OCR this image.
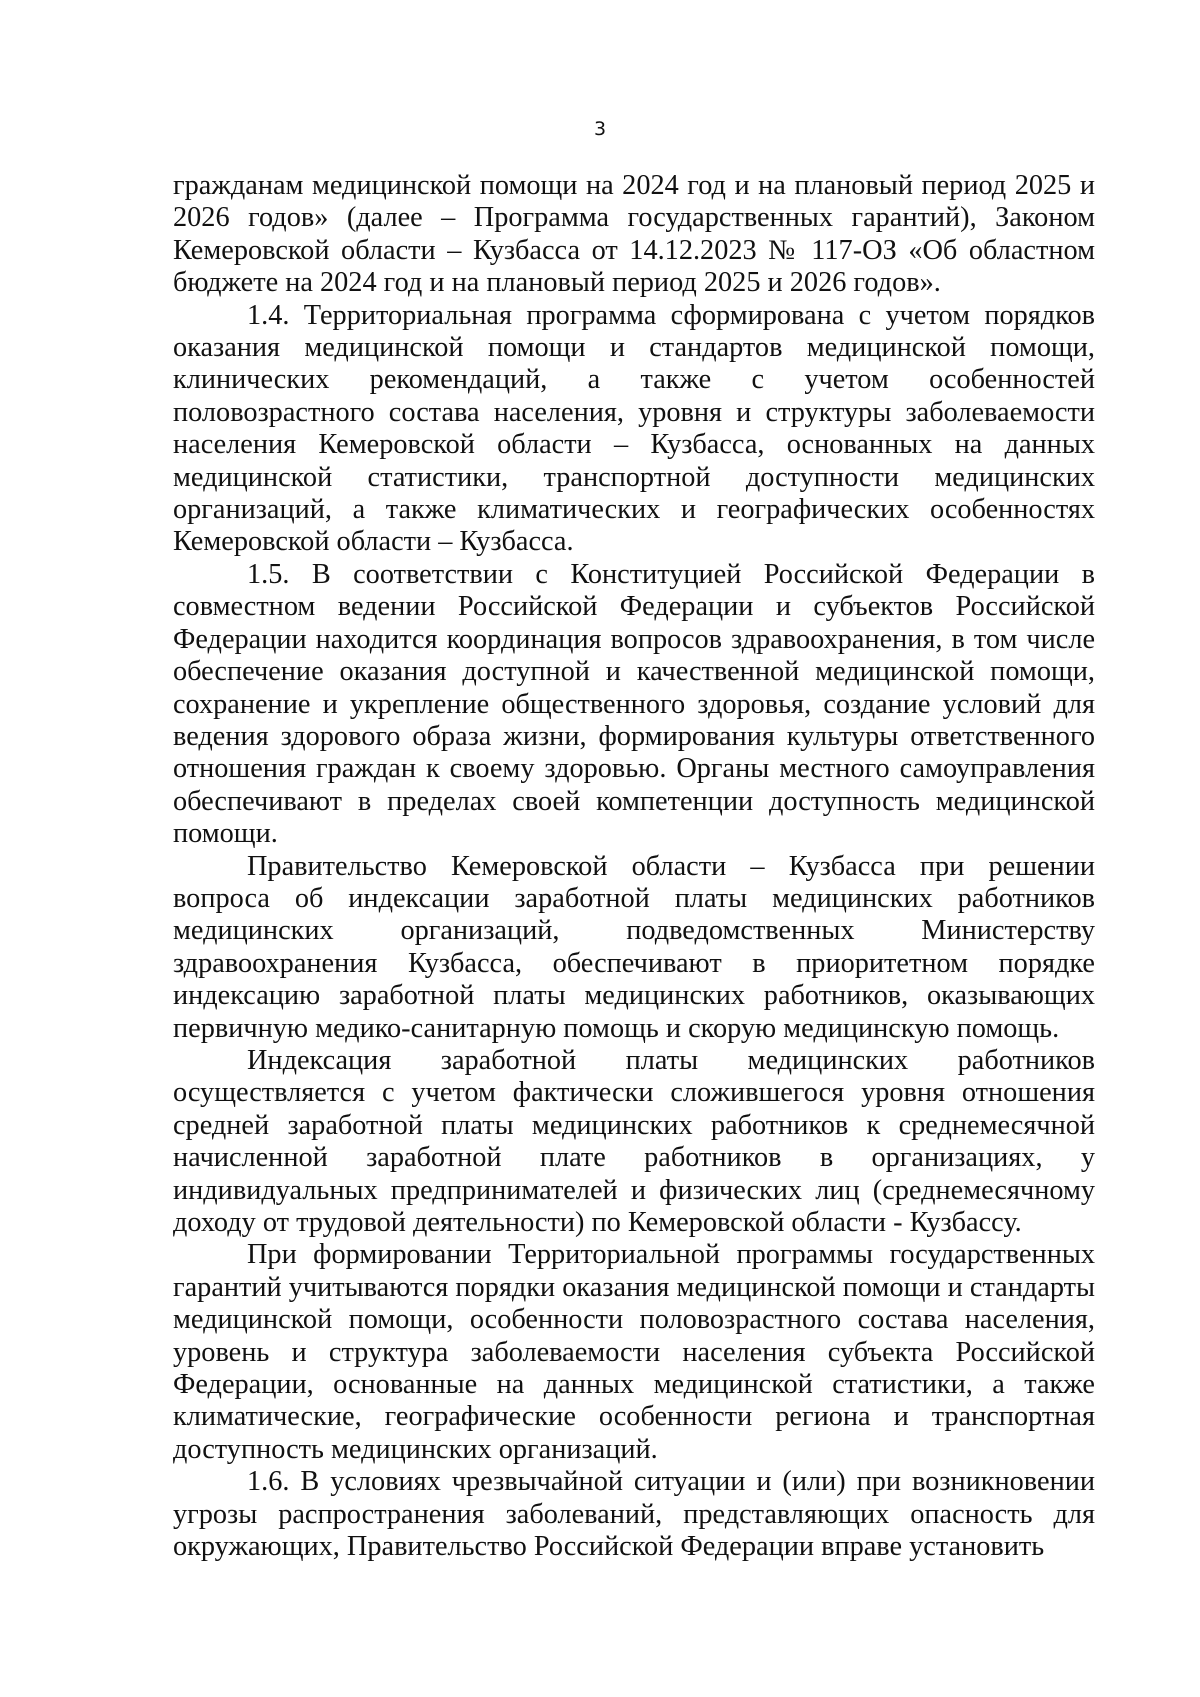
3

гражданам медицинской помощи на 2024 год и на плановый период 2025 и 2026 годов» (далее – Программа государственных гарантий), Законом Кемеровской области – Кузбасса от 14.12.2023 № 117-ОЗ «Об областном бюджете на 2024 год и на плановый период 2025 и 2026 годов».

1.4. Территориальная программа сформирована с учетом порядков оказания медицинской помощи и стандартов медицинской помощи, клинических рекомендаций, а также с учетом особенностей половозрастного состава населения, уровня и структуры заболеваемости населения Кемеровской области – Кузбасса, основанных на данных медицинской статистики, транспортной доступности медицинских организаций, а также климатических и географических особенностях Кемеровской области – Кузбасса.

1.5. В соответствии с Конституцией Российской Федерации в совместном ведении Российской Федерации и субъектов Российской Федерации находится координация вопросов здравоохранения, в том числе обеспечение оказания доступной и качественной медицинской помощи, сохранение и укрепление общественного здоровья, создание условий для ведения здорового образа жизни, формирования культуры ответственного отношения граждан к своему здоровью. Органы местного самоуправления обеспечивают в пределах своей компетенции доступность медицинской помощи.

Правительство Кемеровской области – Кузбасса при решении вопроса об индексации заработной платы медицинских работников медицинских организаций, подведомственных Министерству здравоохранения Кузбасса, обеспечивают в приоритетном порядке индексацию заработной платы медицинских работников, оказывающих первичную медико-санитарную помощь и скорую медицинскую помощь.

Индексация заработной платы медицинских работников осуществляется с учетом фактически сложившегося уровня отношения средней заработной платы медицинских работников к среднемесячной начисленной заработной плате работников в организациях, у индивидуальных предпринимателей и физических лиц (среднемесячному доходу от трудовой деятельности) по Кемеровской области - Кузбассу.

При формировании Территориальной программы государственных гарантий учитываются порядки оказания медицинской помощи и стандарты медицинской помощи, особенности половозрастного состава населения, уровень и структура заболеваемости населения субъекта Российской Федерации, основанные на данных медицинской статистики, а также климатические, географические особенности региона и транспортная доступность медицинских организаций.

1.6. В условиях чрезвычайной ситуации и (или) при возникновении угрозы распространения заболеваний, представляющих опасность для окружающих, Правительство Российской Федерации вправе установить
